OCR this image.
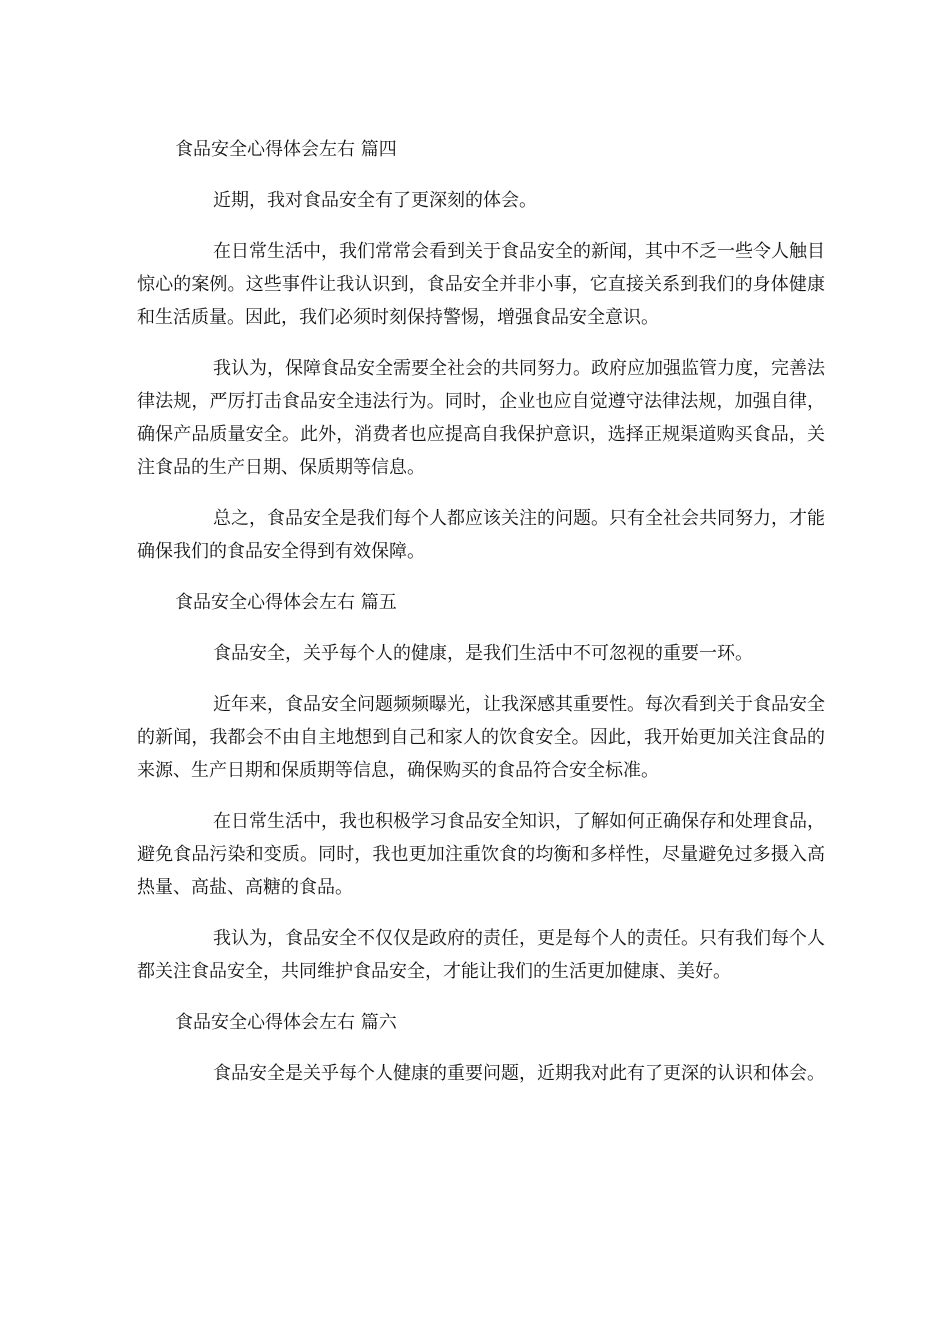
食品安全心得体会左右 篇四

近期，我对食品安全有了更深刻的体会。

在日常生活中，我们常常会看到关于食品安全的新闻，其中不乏一些令人触目惊心的案例。这些事件让我认识到，食品安全并非小事，它直接关系到我们的身体健康和生活质量。因此，我们必须时刻保持警惕，增强食品安全意识。

我认为，保障食品安全需要全社会的共同努力。政府应加强监管力度，完善法律法规，严厉打击食品安全违法行为。同时，企业也应自觉遵守法律法规，加强自律，确保产品质量安全。此外，消费者也应提高自我保护意识，选择正规渠道购买食品，关注食品的生产日期、保质期等信息。

总之，食品安全是我们每个人都应该关注的问题。只有全社会共同努力，才能确保我们的食品安全得到有效保障。

食品安全心得体会左右 篇五

食品安全，关乎每个人的健康，是我们生活中不可忽视的重要一环。

近年来，食品安全问题频频曝光，让我深感其重要性。每次看到关于食品安全的新闻，我都会不由自主地想到自己和家人的饮食安全。因此，我开始更加关注食品的来源、生产日期和保质期等信息，确保购买的食品符合安全标准。

在日常生活中，我也积极学习食品安全知识，了解如何正确保存和处理食品，避免食品污染和变质。同时，我也更加注重饮食的均衡和多样性，尽量避免过多摄入高热量、高盐、高糖的食品。

我认为，食品安全不仅仅是政府的责任，更是每个人的责任。只有我们每个人都关注食品安全，共同维护食品安全，才能让我们的生活更加健康、美好。

食品安全心得体会左右 篇六

食品安全是关乎每个人健康的重要问题，近期我对此有了更深的认识和体会。
